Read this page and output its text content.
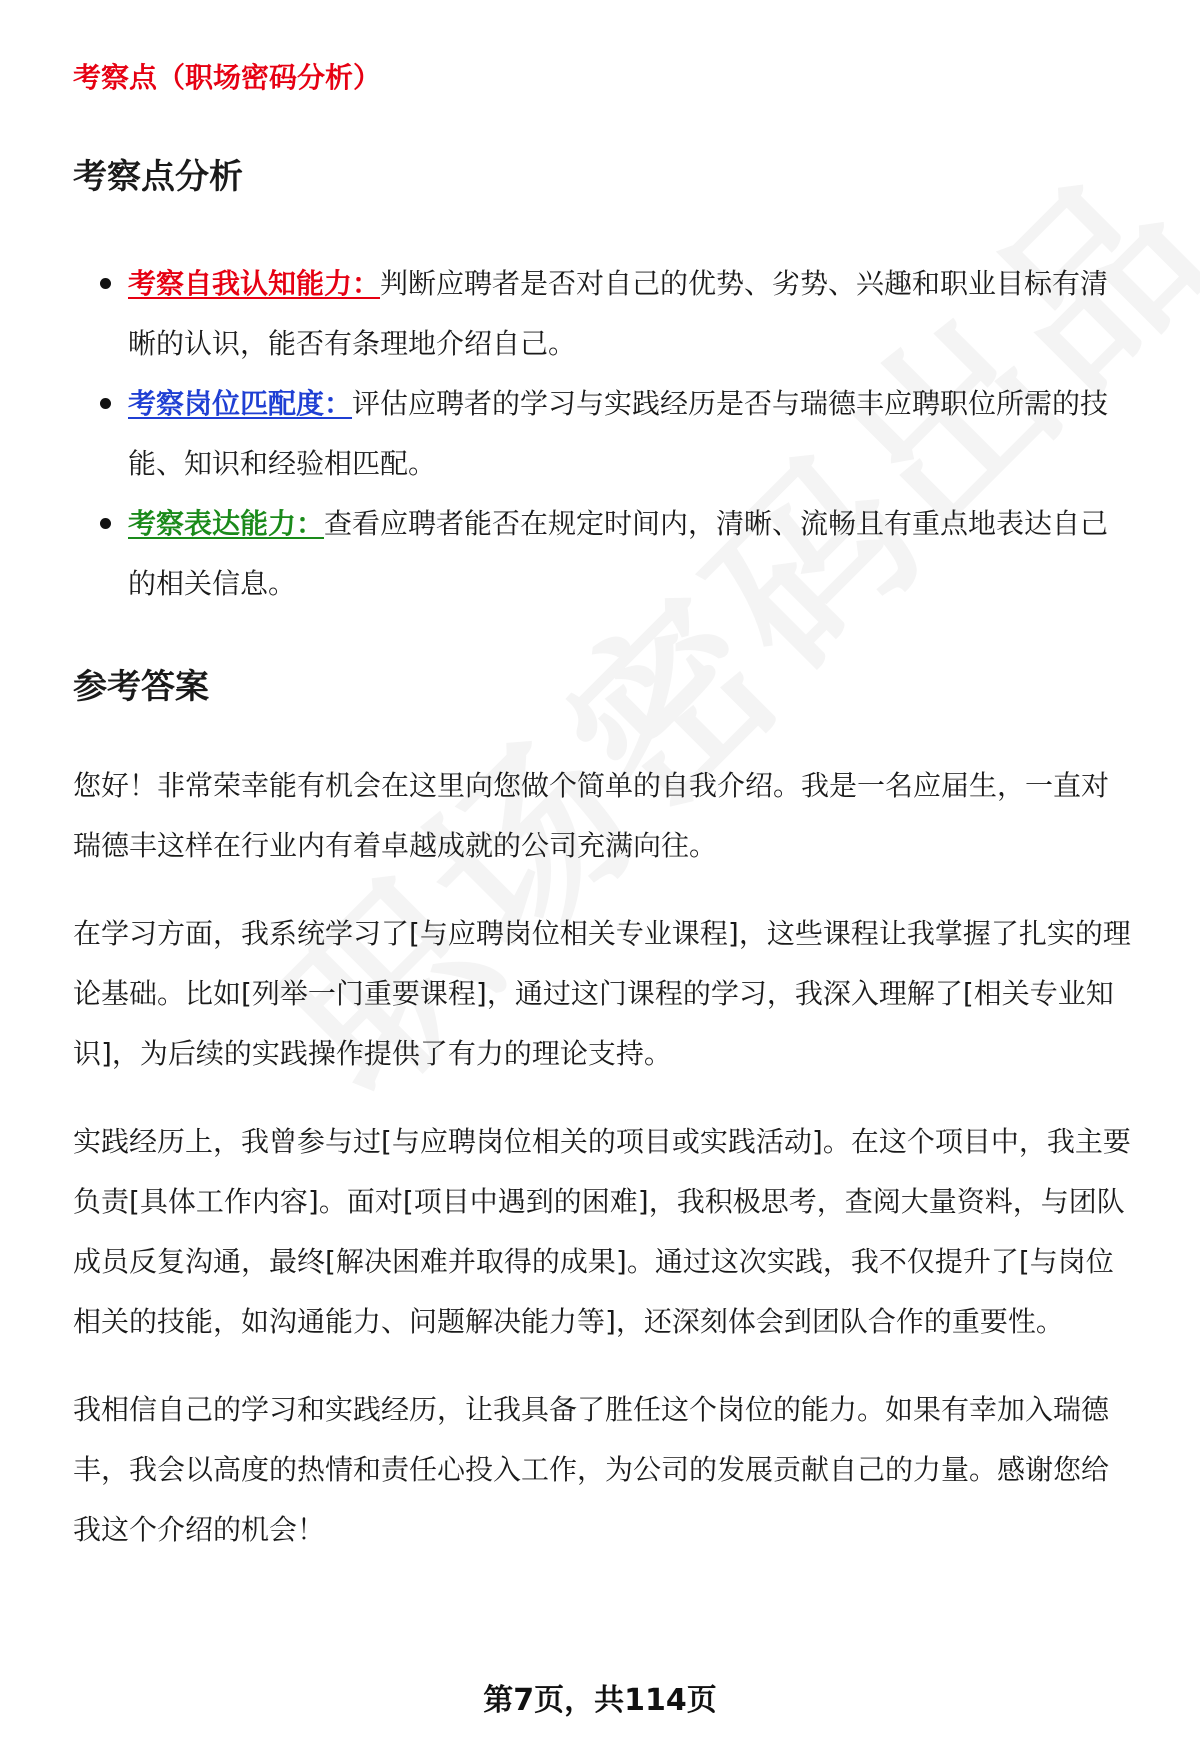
考察点（职场密码分析）

考察点分析
考察自我认知能力：判断应聘者是否对自己的优势、劣势、兴趣和职业目标有清晰的认识，能否有条理地介绍自己。
考察岗位匹配度：评估应聘者的学习与实践经历是否与瑞德丰应聘职位所需的技能、知识和经验相匹配。
考察表达能力：查看应聘者能否在规定时间内，清晰、流畅且有重点地表达自己的相关信息。
参考答案

您好！非常荣幸能有机会在这里向您做个简单的自我介绍。我是一名应届生，一直对瑞德丰这样在行业内有着卓越成就的公司充满向往。

在学习方面，我系统学习了[与应聘岗位相关专业课程]，这些课程让我掌握了扎实的理论基础。比如[列举一门重要课程]，通过这门课程的学习，我深入理解了[相关专业知识]，为后续的实践操作提供了有力的理论支持。

实践经历上，我曾参与过[与应聘岗位相关的项目或实践活动]。在这个项目中，我主要负责[具体工作内容]。面对[项目中遇到的困难]，我积极思考，查阅大量资料，与团队成员反复沟通，最终[解决困难并取得的成果]。通过这次实践，我不仅提升了[与岗位相关的技能，如沟通能力、问题解决能力等]，还深刻体会到团队合作的重要性。

我相信自己的学习和实践经历，让我具备了胜任这个岗位的能力。如果有幸加入瑞德丰，我会以高度的热情和责任心投入工作，为公司的发展贡献自己的力量。感谢您给我这个介绍的机会！

第7页，共114页
